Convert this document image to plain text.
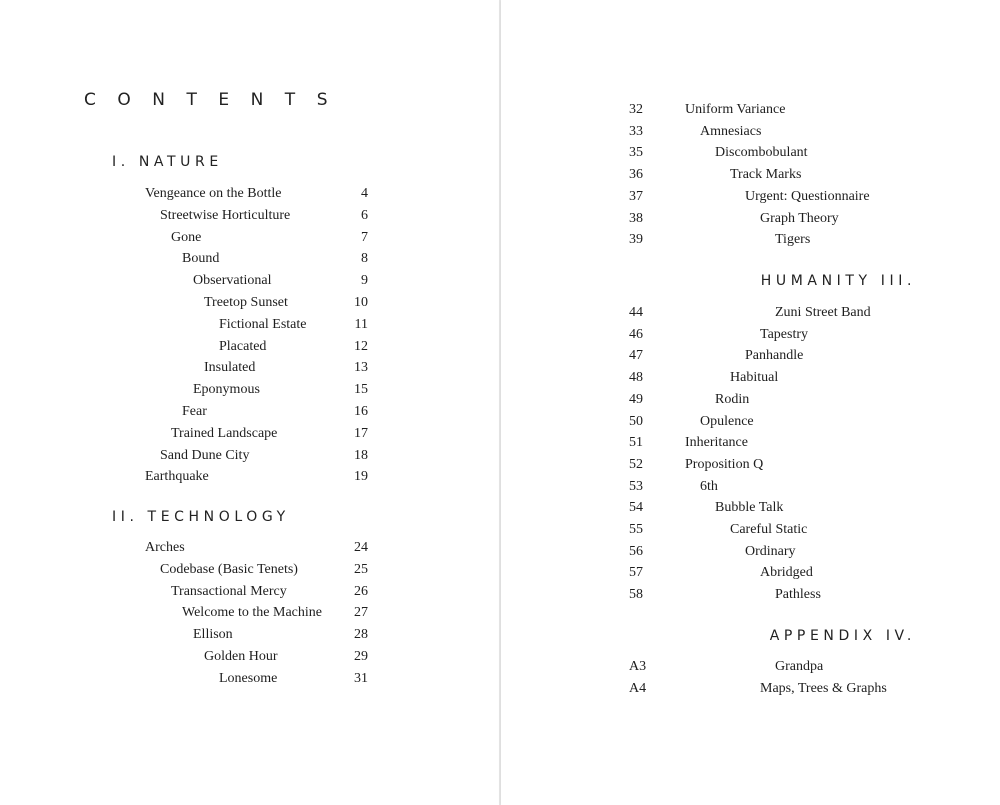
CONTENTS
I. NATURE
Vengeance on the Bottle	4
Streetwise Horticulture	6
Gone	7
Bound	8
Observational	9
Treetop Sunset	10
Fictional Estate	11
Placated	12
Insulated	13
Eponymous	15
Fear	16
Trained Landscape	17
Sand Dune City	18
Earthquake	19
II. TECHNOLOGY
Arches	24
Codebase (Basic Tenets)	25
Transactional Mercy	26
Welcome to the Machine	27
Ellison	28
Golden Hour	29
Lonesome	31
32	Uniform Variance
33	Amnesiacs
35	Discombobulant
36	Track Marks
37	Urgent: Questionnaire
38	Graph Theory
39	Tigers
HUMANITY III.
44	Zuni Street Band
46	Tapestry
47	Panhandle
48	Habitual
49	Rodin
50	Opulence
51	Inheritance
52	Proposition Q
53	6th
54	Bubble Talk
55	Careful Static
56	Ordinary
57	Abridged
58	Pathless
APPENDIX IV.
A3	Grandpa
A4	Maps, Trees & Graphs
